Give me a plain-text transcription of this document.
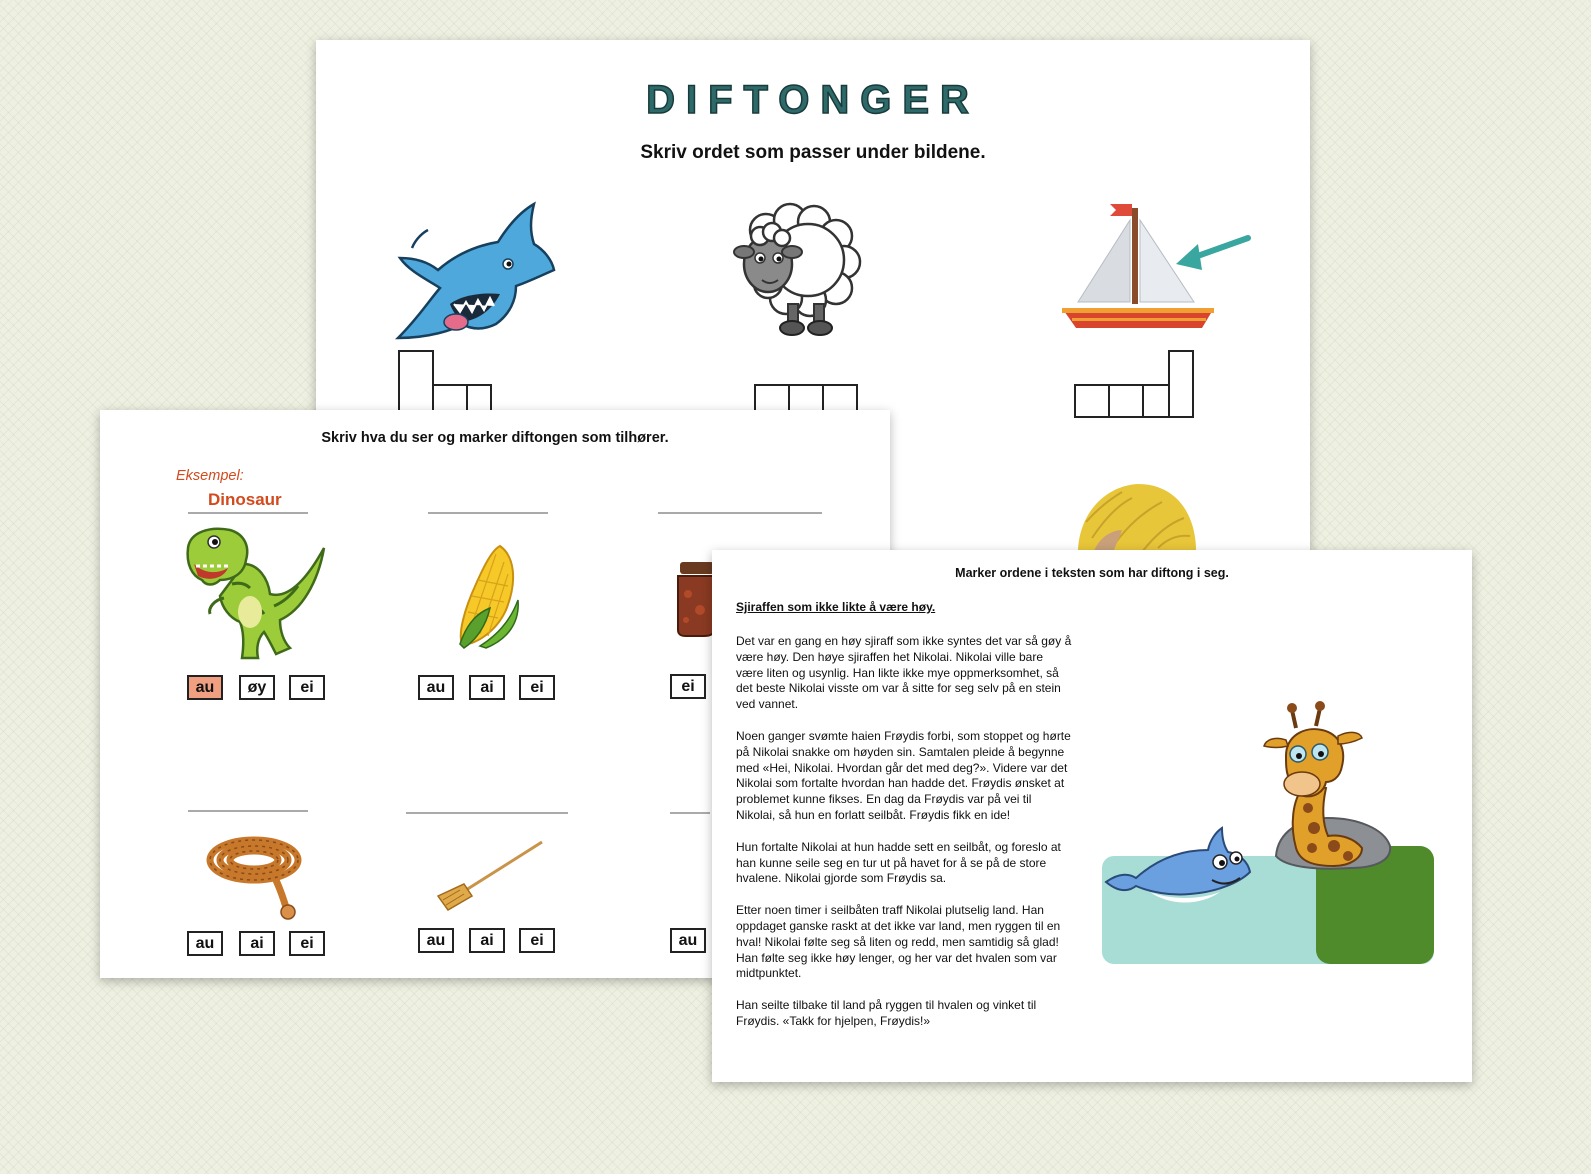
DIFTONGER
Skriv ordet som passer under bildene.
Skriv hva du ser og marker diftongen som tilhører.
Eksempel:
Dinosaur
au	øy	ei	au	ai	ei	ei
au	ai	ei	au	ai	ei	au
Marker ordene i teksten som har diftong i seg.
Sjiraffen som ikke likte å være høy.

Det var en gang en høy sjiraff som ikke syntes det var så gøy å være høy. Den høye sjiraffen het Nikolai. Nikolai ville bare være liten og usynlig. Han likte ikke mye oppmerksomhet, så det beste Nikolai visste om var å sitte for seg selv på en stein ved vannet.

Noen ganger svømte haien Frøydis forbi, som stoppet og hørte på Nikolai snakke om høyden sin. Samtalen pleide å begynne med «Hei, Nikolai. Hvordan går det med deg?». Videre var det Nikolai som fortalte hvordan han hadde det. Frøydis ønsket at problemet kunne fikses. En dag da Frøydis var på vei til Nikolai, så hun en forlatt seilbåt. Frøydis fikk en ide!

Hun fortalte Nikolai at hun hadde sett en seilbåt, og foreslo at han kunne seile seg en tur ut på havet for å se på de store hvalene. Nikolai gjorde som Frøydis sa.

Etter noen timer i seilbåten traff Nikolai plutselig land. Han oppdaget ganske raskt at det ikke var land, men ryggen til en hval! Nikolai følte seg så liten og redd, men samtidig så glad! Han følte seg ikke høy lenger, og her var det hvalen som var midtpunktet.

Han seilte tilbake til land på ryggen til hvalen og vinket til Frøydis. «Takk for hjelpen, Frøydis!»
